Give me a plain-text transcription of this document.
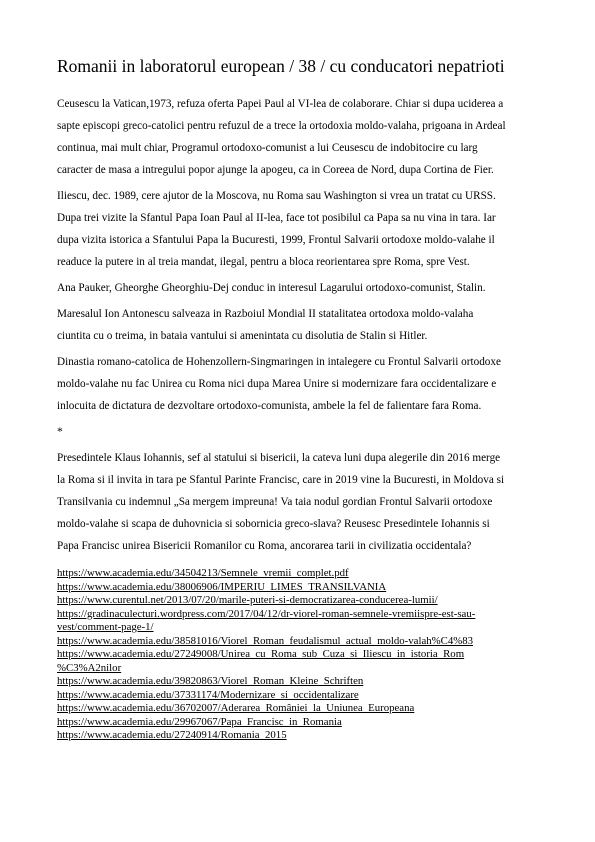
Romanii in laboratorul european / 38 / cu conducatori nepatrioti
Ceusescu la Vatican,1973, refuza oferta Papei Paul al VI-lea de colaborare. Chiar si dupa uciderea a
sapte episcopi greco-catolici pentru refuzul de a trece la ortodoxia moldo-valaha, prigoana in Ardeal
continua, mai mult chiar, Programul ortodoxo-comunist a lui Ceusescu de indobitocire cu larg
caracter de masa a intregului popor ajunge la apogeu, ca in Coreea de Nord, dupa Cortina de Fier.
Iliescu, dec. 1989, cere ajutor de la Moscova, nu Roma sau Washington si vrea un tratat cu URSS.
Dupa trei vizite la Sfantul Papa Ioan Paul al II-lea, face tot posibilul ca Papa sa nu vina in tara. Iar
dupa vizita istorica a Sfantului Papa la Bucuresti, 1999, Frontul Salvarii ortodoxe moldo-valahe il
readuce la putere in al treia mandat, ilegal, pentru a bloca reorientarea spre Roma, spre Vest.
Ana Pauker, Gheorghe Gheorghiu-Dej conduc in interesul Lagarului ortodoxo-comunist, Stalin.
Maresalul Ion Antonescu salveaza in Razboiul Mondial II statalitatea ortodoxa moldo-valaha
ciuntita cu o treima, in bataia vantului si amenintata cu disolutia de Stalin si Hitler.
Dinastia romano-catolica de Hohenzollern-Singmaringen in intalegere cu Frontul Salvarii ortodoxe
moldo-valahe nu fac Unirea cu Roma nici dupa Marea Unire si modernizare fara occidentalizare e
inlocuita de dictatura de dezvoltare ortodoxo-comunista, ambele la fel de falientare fara Roma.
*
Presedintele Klaus Iohannis, sef al statului si bisericii, la cateva luni dupa alegerile din 2016 merge
la Roma si il invita in tara pe Sfantul Parinte Francisc, care in 2019 vine la Bucuresti, in Moldova si
Transilvania cu indemnul „Sa mergem impreuna! Va taia nodul gordian Frontul Salvarii ortodoxe
moldo-valahe si scapa de duhovnicia si sobornicia greco-slava? Reusesc Presedintele Iohannis si
Papa Francisc unirea Bisericii Romanilor cu Roma, ancorarea tarii in civilizatia occidentala?
https://www.academia.edu/34504213/Semnele_vremii_complet.pdf
https://www.academia.edu/38006906/IMPERIU_LIMES_TRANSILVANIA
https://www.curentul.net/2013/07/20/marile-puteri-si-democratizarea-conducerea-lumii/
https://gradinaculecturi.wordpress.com/2017/04/12/dr-viorel-roman-semnele-vremiispre-est-sau-
vest/comment-page-1/
https://www.academia.edu/38581016/Viorel_Roman_feudalismul_actual_moldo-valah%C4%83
https://www.academia.edu/27249008/Unirea_cu_Roma_sub_Cuza_si_Iliescu_in_istoria_Rom
%C3%A2nilor
https://www.academia.edu/39820863/Viorel_Roman_Kleine_Schriften
https://www.academia.edu/37331174/Modernizare_si_occidentalizare
https://www.academia.edu/36702007/Aderarea_României_la_Uniunea_Europeana
https://www.academia.edu/29967067/Papa_Francisc_in_Romania
https://www.academia.edu/27240914/Romania_2015
